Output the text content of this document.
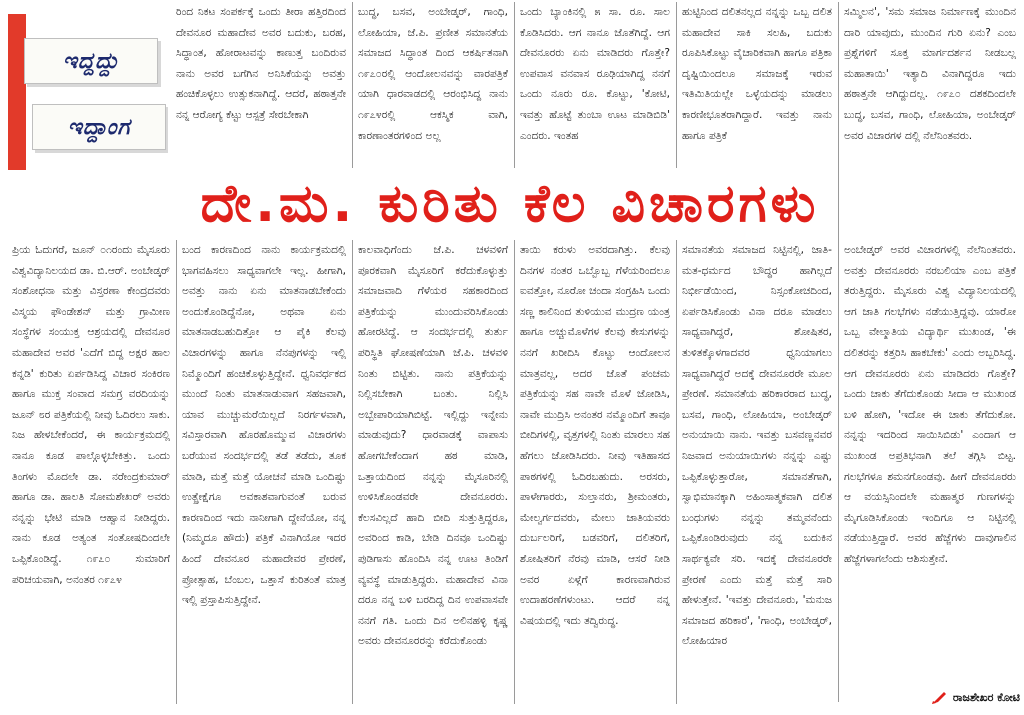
ಇದ್ದದ್ದು
ಇದ್ದಾಂಗ

ರಿಂದ ನಿಕಟ ಸಂಪರ್ಕಕ್ಕೆ ಒಂದು ತೀರಾ ಹತ್ತಿರದಿಂದ ದೇವನೂರ ಮಹಾದೇವ ಅವರ ಬದುಕು, ಬರಹ, ಸಿದ್ಧಾಂತ, ಹೋರಾಟವನ್ನು ಕಾಣುತ್ತ ಬಂದಿರುವ ನಾನು ಅವರ ಬಗೆಗಿನ ಅನಿಸಿಕೆಯನ್ನು ಅವತ್ತು ಹಂಚಿಕೊಳ್ಳಲು ಉತ್ಸುಕನಾಗಿದ್ದೆ. ಆದರೆ, ಹಠಾತ್ತನೇ ನನ್ನ ಆರೋಗ್ಯ ಕೆಟ್ಟು ಆಸ್ಪತ್ರೆ ಸೇರಬೇಕಾಗಿ

ಬುದ್ಧ, ಬಸವ, ಅಂಬೇಡ್ಕರ್, ಗಾಂಧಿ, ಲೋಹಿಯಾ, ಜೆ.ಪಿ. ಪ್ರಣೀತ ಸಮಾನತೆಯ ಸಮಾಜದ ಸಿದ್ಧಾಂತ ದಿಂದ ಆಕರ್ಷಿತನಾಗಿ ೧೯೭೦ರಲ್ಲಿ ಆಂದೋಲನವನ್ನು ವಾರಪತ್ರಿಕೆ ಯಾಗಿ ಧಾರವಾಡದಲ್ಲಿ ಆರಂಭಿಸಿದ್ದ ನಾನು ೧೯೭೪ರಲ್ಲಿ ಆಕಸ್ಮಿಕ ವಾಗಿ, ಕಾರಣಾಂತರಗಳಿಂದ ಅಲ್ಲ

ಒಂದು ಬ್ಯಾಂಕಿನಲ್ಲಿ ೫ ಸಾ. ರೂ. ಸಾಲ ಕೊಡಿಸಿದರು. ಆಗ ನಾನೂ ಜೊತೆಗಿದ್ದೆ. ಆಗ ದೇವನೂರರು ಏನು ಮಾಡಿದರು ಗೊತ್ತೇ? ಉಪವಾಸ ವನವಾಸ ರೂಢಿಯಾಗಿದ್ದ ನನಗೆ ಒಂದು ನೂರು ರೂ. ಕೊಟ್ಟು, 'ಕೋಟಿ, ಇವತ್ತು ಹೊಟ್ಟೆ ತುಂಬಾ ಊಟ ಮಾಡಿಬಿಡಿ' ಎಂದರು. ಇಂತಹ

ಹುಟ್ಟಿನಿಂದ ದಲಿತನಲ್ಲದ ನನ್ನನ್ನು ಒಬ್ಬ ದಲಿತ ಮಹಾದೇವ ಸಾಕಿ ಸಲಹಿ, ಬದುಕು ರೂಪಿಸಿಕೊಟ್ಟು ವೈಚಾರಿಕವಾಗಿ ಹಾಗೂ ಪತ್ರಿಕಾ ದೃಷ್ಟಿಯಿಂದಲೂ ಸಮಾಜಕ್ಕೆ ಇರುವ ಇತಿಮಿತಿಯಲ್ಲೇ ಒಳ್ಳೆಯದನ್ನು ಮಾಡಲು ಕಾರಣೀಭೂತರಾಗಿದ್ದಾರೆ. ಇವತ್ತು ನಾನು ಹಾಗೂ ಪತ್ರಿಕೆ

ಸಮ್ಮಿಲನ', 'ಸಮ ಸಮಾಜ ನಿರ್ಮಾಣಕ್ಕೆ ಮುಂದಿನ ದಾರಿ ಯಾವುದು, ಮುಂದಿನ ಗುರಿ ಏನು? ಎಂಬ ಪ್ರಶ್ನೆಗಳಿಗೆ ಸೂಕ್ತ ಮಾರ್ಗದರ್ಶನ ನೀಡಬಲ್ಲ ಮಹಾತಾಯಿ' ಇತ್ಯಾದಿ ವಿನಾಗಿದ್ದರೂ ಇದು ಹಠಾತ್ತನೇ ಆಗಿದ್ದುದಲ್ಲ. ೧೯೭೦ ದಶಕದಿಂದಲೇ ಬುದ್ಧ, ಬಸವ, ಗಾಂಧಿ, ಲೋಹಿಯಾ, ಅಂಬೇಡ್ಕರ್ ಅವರ ವಿಚಾರಗಳ ದಲ್ಲಿ ನೆಲೆನಿಂತವರು.

ದೇ.ಮ. ಕುರಿತು ಕೆಲ ವಿಚಾರಗಳು

ಪ್ರಿಯ ಓದುಗರೆ, ಜೂನ್ ೦೧ರಂದು ಮೈಸೂರು ವಿಶ್ವವಿದ್ಯಾನಿಲಯದ ಡಾ. ಬಿ.ಆರ್. ಅಂಬೇಡ್ಕರ್ ಸಂಶೋಧನಾ ಮತ್ತು ವಿಸ್ತರಣಾ ಕೇಂದ್ರದವರು ವಿಸ್ಮಯ ಫೌಂಡೇಶನ್ ಮತ್ತು ಗ್ರಾಮೀಣ ಸಂಸ್ಥೆಗಳ ಸಂಯುಕ್ತ ಆಶ್ರಯದಲ್ಲಿ ದೇವನೂರ ಮಹಾದೇವ ಅವರ 'ಎದೆಗೆ ಬಿದ್ದ ಅಕ್ಷರ ಹಾಲ ಕನ್ನಡಿ' ಕುರಿತು ಏರ್ಪಡಿಸಿದ್ದ ವಿಚಾರ ಸಂಕಿರಣ ಹಾಗೂ ಮುಕ್ತ ಸಂವಾದ ಸಮಗ್ರ ವರದಿಯನ್ನು ಜೂನ್ ೮ರ ಪತ್ರಿಕೆಯಲ್ಲಿ ನೀವು ಓದಿರಲು ಸಾಕು. ನಿಜ ಹೇಳಬೇಕೆಂದರೆ, ಈ ಕಾರ್ಯಕ್ರಮದಲ್ಲಿ ನಾನೂ ಕೂಡ ಪಾಲ್ಗೊಳ್ಳಬೇಕಿತ್ತು. ಒಂದು ತಿಂಗಳು ಮೊದಲೇ ಡಾ. ನರೇಂದ್ರಕುಮಾರ್ ಹಾಗೂ ಡಾ. ಹಾಲತಿ ಸೋಮಶೇಖರ್ ಅವರು ನನ್ನನ್ನು ಭೇಟಿ ಮಾಡಿ ಆಹ್ವಾನ ನೀಡಿದ್ದರು. ನಾನು ಕೂಡ ಅತ್ಯಂತ ಸಂತೋಷದಿಂದಲೇ ಒಪ್ಪಿಕೊಂಡಿದ್ದೆ. ೧೯೭೦ ಸುಮಾರಿಗೆ ಪರಿಚಯವಾಗಿ, ಅನಂತರ ೧೯೭೪

ಬಂದ ಕಾರಣದಿಂದ ನಾನು ಕಾರ್ಯಕ್ರಮದಲ್ಲಿ ಭಾಗವಹಿಸಲು ಸಾಧ್ಯವಾಗಲೇ ಇಲ್ಲ. ಹೀಗಾಗಿ, ಅವತ್ತು ನಾನು ಏನು ಮಾತನಾಡಬೇಕೆಂದು ಅಂದುಕೊಂಡಿದ್ದೆನೋ, ಅಥವಾ ಏನು ಮಾತನಾಡಬಹುದಿತ್ತೋ ಆ ಪೈಕಿ ಕೆಲವು ವಿಚಾರಗಳನ್ನು ಹಾಗೂ ನೆನಪುಗಳನ್ನು ಇಲ್ಲಿ ನಿಮ್ಮೊಂದಿಗೆ ಹಂಚಿಕೊಳ್ಳುತ್ತಿದ್ದೇನೆ. ಧ್ವನಿವರ್ಧಕದ ಮುಂದೆ ನಿಂತು ಮಾತನಾಡುವಾಗ ಸಹಜವಾಗಿ, ಯಾವ ಮುಚ್ಚುಮರೆಯಿಲ್ಲದೆ ನಿರರ್ಗಳವಾಗಿ, ಸವಿಸ್ತಾರವಾಗಿ ಹೊರಹೊಮ್ಮುವ ವಿಚಾರಗಳು ಬರೆಯುವ ಸಂದರ್ಭದಲ್ಲಿ ತಡೆ ತಡೆದು, ತೂಕ ಮಾಡಿ, ಮತ್ತೆ ಮತ್ತೆ ಯೋಚನೆ ಮಾಡಿ ಒಂದಿಷ್ಟು ಉತ್ಪ್ರೇಕ್ಷೆಗೂ ಅವಕಾಶವಾಗುವಂತೆ ಬರುವ ಕಾರಣದಿಂದ ಇದು ನಾನೀಗಾಗಿ ದ್ದೇನೆಯೋ, ನನ್ನ (ನಿಮ್ಮದೂ ಹೌದು) ಪತ್ರಿಕೆ ವಿನಾಗಿಯೋ ಇದರ ಹಿಂದೆ ದೇವನೂರ ಮಹಾದೇವರ ಪ್ರೇರಣೆ, ಪ್ರೋತ್ಸಾಹ, ಬೆಂಬಲ, ಒತ್ತಾಸೆ ಕುರಿತಂತೆ ಮಾತ್ರ ಇಲ್ಲಿ ಪ್ರಸ್ತಾಪಿಸುತ್ತಿದ್ದೇನೆ.

ಕಾಲವಾಧಿಗೆಂದು ಜೆ.ಪಿ. ಚಳವಳಿಗೆ ಪೂರಕವಾಗಿ ಮೈಸೂರಿಗೆ ಕರೆದುಕೊಳ್ಳುತ್ತು ಸಮಾಜವಾದಿ ಗೆಳೆಯರ ಸಹಕಾರದಿಂದ ಪತ್ರಿಕೆಯನ್ನು ಮುಂದುವರಿಸಿಕೊಂಡು ಹೋರಟಿದ್ದೆ. ಆ ಸಂದರ್ಭದಲ್ಲಿ ತುರ್ತು ಪರಿಸ್ಥಿತಿ ಘೋಷಣೆಯಾಗಿ ಜೆ.ಪಿ. ಚಳವಳಿ ನಿಂತು ಬಿಟ್ಟಿತು. ನಾನು ಪತ್ರಿಕೆಯನ್ನು ನಿಲ್ಲಿಸಬೇಕಾಗಿ ಬಂತು. ನಿಲ್ಲಿಸಿ ಅಬ್ಬೇಪಾರಿಯಾಗಿಬಿಟ್ಟೆ. ಇಲ್ಲಿದ್ದು ಇನ್ನೇನು ಮಾಡುವುದು? ಧಾರವಾಡಕ್ಕೆ ವಾಪಾಸು ಹೋಗಬೇಕೆಂದಾಗ ಹಠ ಮಾಡಿ, ಒತ್ತಾಯದಿಂದ ನನ್ನನ್ನು ಮೈಸೂರಿನಲ್ಲಿ ಉಳಿಸಿಕೊಂಡವರೇ ದೇವನೂರರು. ಕೆಲಸವಿಲ್ಲದೆ ಹಾದಿ ಬೀದಿ ಸುತ್ತುತ್ತಿದ್ದರೂ, ಅವರಿಂದ ಕಾಡಿ, ಬೇಡಿ ದಿನವೂ ಒಂದಿಷ್ಟು ಪುಡಿಗಾಸು ಹೊಂದಿಸಿ ನನ್ನ ಊಟ ತಿಂಡಿಗೆ ವ್ಯವಸ್ಥೆ ಮಾಡುತ್ತಿದ್ದರು. ಮಹಾದೇವ ವಿನಾ ದರೂ ನನ್ನ ಬಳಿ ಬರದಿದ್ದ ದಿನ ಉಪವಾಸವೇ ನನಗೆ ಗತಿ. ಒಂದು ದಿನ ಅಲಿನಹಳ್ಳಿ ಕೃಷ್ಣ ಅವರು ದೇವನೂರರನ್ನು ಕರೆದುಕೊಂಡು

ತಾಯಿ ಕರುಳು ಅವರದಾಗಿತ್ತು. ಕೆಲವು ದಿನಗಳ ನಂತರ ಒಬ್ಬೊಬ್ಬ ಗೆಳೆಯರಿಂದಲೂ ಐವತ್ತೋ, ನೂರೋ ಚಂದಾ ಸಂಗ್ರಹಿಸಿ ಒಂದು ಸಣ್ಣ ಕಾಲಿನಿಂದ ತುಳಿಯುವ ಮುದ್ರಣ ಯಂತ್ರ ಹಾಗೂ ಅಚ್ಚುಮೊಳೆಗಳ ಕೆಲವು ಕೇಸುಗಳನ್ನು ನನಗೆ ಖರೀದಿಸಿ ಕೊಟ್ಟು ಆಂದೋಲನ ಮಾತ್ರವಲ್ಲ, ಅದರ ಜೊತೆ ಪಂಚಮ ಪತ್ರಿಕೆಯನ್ನು ಸಹ ನಾವೇ ಮೊಳೆ ಜೋಡಿಸಿ, ನಾವೇ ಮುದ್ರಿಸಿ ಅನಂತರ ನಮ್ಮೊಂದಿಗೆ ತಾವೂ ಬೀದಿಗಳಲ್ಲಿ, ವೃತ್ತಗಳಲ್ಲಿ ನಿಂತು ಮಾರಲು ಸಹ ಹೆಗಲು ಜೋಡಿಸಿದರು. ನೀವು ಇತಿಹಾಸದ ಪಾಠಗಳಲ್ಲಿ ಓದಿರಬಹುದು. ಅರಸರು, ಪಾಳೇಗಾರರು, ಸುಲ್ತಾನರು, ಶ್ರೀಮಂತರು, ಮೇಲ್ವರ್ಗದವರು, ಮೇಲು ಜಾತಿಯವರು ದುರ್ಬಲರಿಗೆ, ಬಡವರಿಗೆ, ದಲಿತರಿಗೆ, ಶೋಷಿತರಿಗೆ ನೆರವು ಮಾಡಿ, ಆಸರೆ ನೀಡಿ ಅವರ ಏಳ್ಗೆಗೆ ಕಾರಣವಾಗಿರುವ ಉದಾಹರಣೆಗಳುಂಟು. ಆದರೆ ನನ್ನ ವಿಷಯದಲ್ಲಿ ಇದು ತದ್ವಿರುದ್ಧ.

ಸಮಾನತೆಯ ಸಮಾಜದ ನಿಟ್ಟಿನಲ್ಲಿ, ಜಾತಿ-ಮತ-ಧರ್ಮದ ಬೌದ್ಧರ ಹಾಗಿಲ್ಲದೆ ನಿರ್ಭೀಡೆಯಿಂದ, ನಿಸ್ಸಂಕೋಚದಿಂದ, ಏರ್ಪಡಿಸಿಕೊಂಡು ವಿನಾ ದರೂ ಮಾಡಲು ಸಾಧ್ಯವಾಗಿದ್ದರೆ, ಶೋಷಿತರ, ತುಳಿತಕ್ಕೊಳಗಾದವರ ಧ್ವನಿಯಾಗಲು ಸಾಧ್ಯವಾಗಿದ್ದರೆ ಅದಕ್ಕೆ ದೇವನೂರರೇ ಮೂಲ ಪ್ರೇರಣೆ. ಸಮಾನತೆಯ ಹರಿಕಾರರಾದ ಬುದ್ಧ, ಬಸವ, ಗಾಂಧಿ, ಲೋಹಿಯಾ, ಅಂಬೇಡ್ಕರ್ ಅನುಯಾಯಿ ನಾನು. ಇವತ್ತು ಬಸವಣ್ಣನವರ ನಿಜವಾದ ಅನುಯಾಯಿಗಳು ನನ್ನನ್ನು ಎಷ್ಟು ಒಪ್ಪಿಕೊಳ್ಳುತ್ತಾರೋ, ಸಮಾನತೆಗಾಗಿ, ಸ್ವಾಭಿಮಾನಕ್ಕಾಗಿ ಅಹಿಂಸಾತ್ಮಕವಾಗಿ ದಲಿತ ಬಂಧುಗಳು ನನ್ನನ್ನು ತಮ್ಮವನೆಂದು ಒಪ್ಪಿಕೊಂಡಿರುವುದು ನನ್ನ ಬದುಕಿನ ಸಾರ್ಥಕ್ಯವೇ ಸರಿ. ಇದಕ್ಕೆ ದೇವನೂರರೇ ಪ್ರೇರಣೆ ಎಂದು ಮತ್ತೆ ಮತ್ತೆ ಸಾರಿ ಹೇಳುತ್ತೇನೆ. 'ಇವತ್ತು ದೇವನೂರು, 'ಮನುಜ ಸಮಾಜದ ಹರಿಕಾರ', 'ಗಾಂಧಿ, ಅಂಬೇಡ್ಕರ್, ಲೋಹಿಯಾರ

ಅಂಬೇಡ್ಕರ್ ಅವರ ವಿಚಾರಗಳಲ್ಲಿ ನೆಲೆನಿಂತವರು. ಅವತ್ತು ದೇವನೂರರು ನರಬಲಿಯಾ ಎಂಬ ಪತ್ರಿಕೆ ತರುತ್ತಿದ್ದರು. ಮೈಸೂರು ವಿಶ್ವ ವಿದ್ಯಾನಿಲಯದಲ್ಲಿ ಆಗ ಜಾತಿ ಗಲಭೆಗಳು ನಡೆಯುತ್ತಿದ್ದವು. ಯಾರೋ ಒಬ್ಬ ವೇಲ್ಮಾತಿಯ ವಿದ್ಯಾರ್ಥಿ ಮುಖಂಡ, 'ಈ ದಲಿತರನ್ನು ಕತ್ತರಿಸಿ ಹಾಕಬೇಕು' ಎಂದು ಅಬ್ಬರಿಸಿದ್ದ. ಆಗ ದೇವನೂರರು ಏನು ಮಾಡಿದರು ಗೊತ್ತೇ? ಒಂದು ಚಾಕು ತೆಗೆದುಕೊಂಡು ಸೀದಾ ಆ ಮುಖಂಡ ಬಳಿ ಹೋಗಿ, 'ಇದೋ ಈ ಚಾಕು ತೆಗೆದುಕೋ. ನನ್ನನ್ನು ಇದರಿಂದ ಸಾಯಿಸಿಬಿಡು' ಎಂದಾಗ ಆ ಮುಖಂಡ ಅಪ್ರತಿಭನಾಗಿ ತಲೆ ತಗ್ಗಿಸಿ ಬಿಟ್ಟ. ಗಲಭೆಗಳೂ ಶಮನಗೊಂಡವು. ಹೀಗೆ ದೇವನೂರರು ಆ ವಯಸ್ಸಿನಿಂದಲೇ ಮಹಾತ್ಮರ ಗುಣಗಳನ್ನು ಮೈಗೂಡಿಸಿಕೊಂಡು ಇಂದಿಗೂ ಆ ನಿಟ್ಟಿನಲ್ಲಿ ನಡೆಯುತ್ತಿದ್ದಾರೆ. ಅವರ ಹೆಜ್ಜೆಗಳು ದಾವುಗಾಲಿನ ಹೆಜ್ಜೆಗಳಾಗಲೆಂದು ಆಶಿಸುತ್ತೇನೆ.

ರಾಜಶೇಖರ ಕೋಟಿ
